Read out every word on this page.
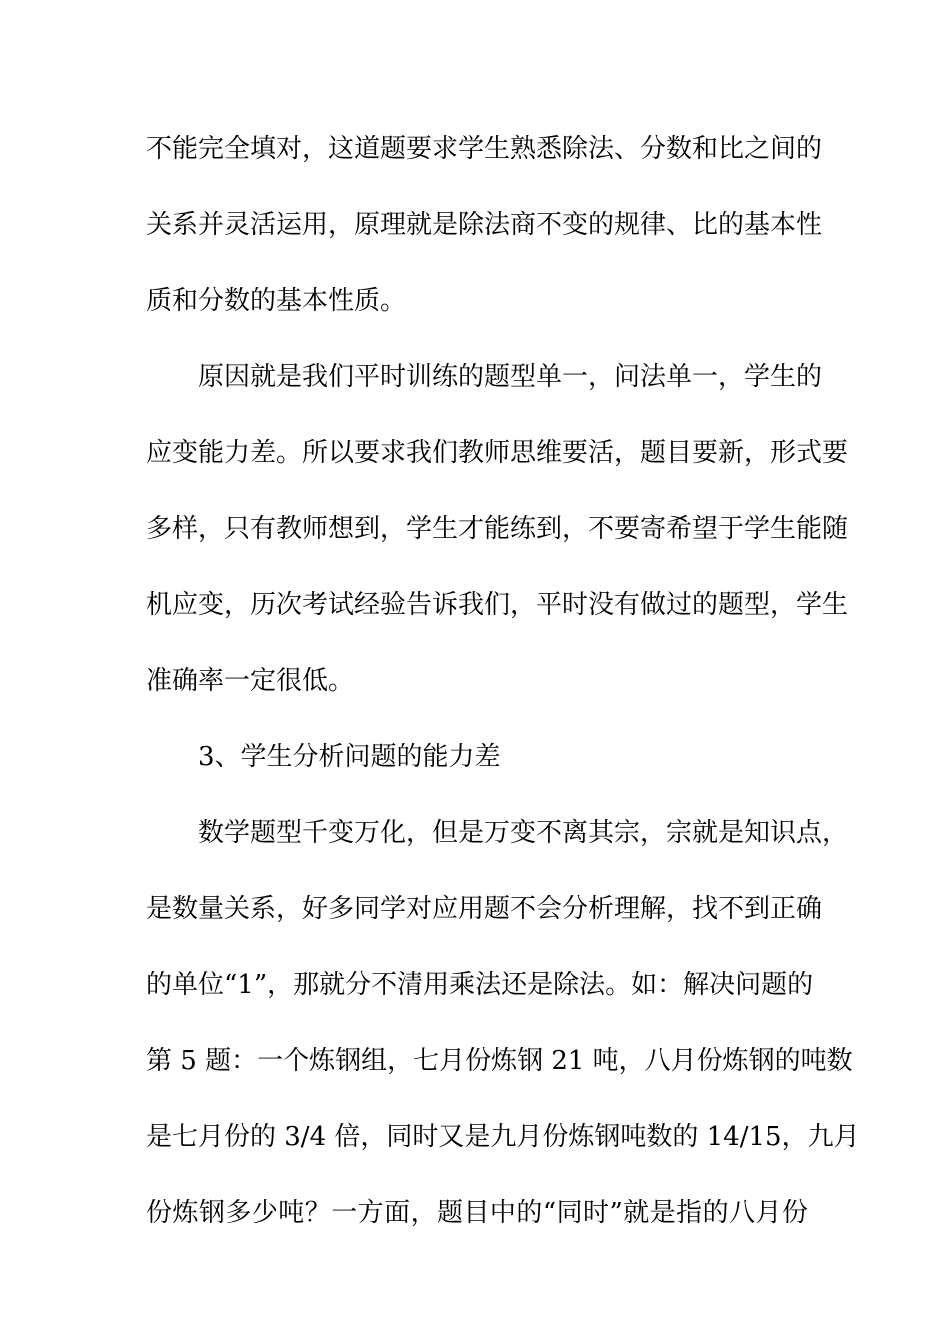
不能完全填对，这道题要求学生熟悉除法、分数和比之间的

关系并灵活运用，原理就是除法商不变的规律、比的基本性

质和分数的基本性质。

原因就是我们平时训练的题型单一，问法单一，学生的

应变能力差。所以要求我们教师思维要活，题目要新，形式要

多样，只有教师想到，学生才能练到，不要寄希望于学生能随

机应变，历次考试经验告诉我们，平时没有做过的题型，学生

准确率一定很低。

3、学生分析问题的能力差

数学题型千变万化，但是万变不离其宗，宗就是知识点，

是数量关系，好多同学对应用题不会分析理解，找不到正确

的单位“1”，那就分不清用乘法还是除法。如：解决问题的

第 5 题：一个炼钢组，七月份炼钢 21 吨，八月份炼钢的吨数

是七月份的 3/4 倍，同时又是九月份炼钢吨数的 14/15，九月

份炼钢多少吨？一方面，题目中的“同时”就是指的八月份
